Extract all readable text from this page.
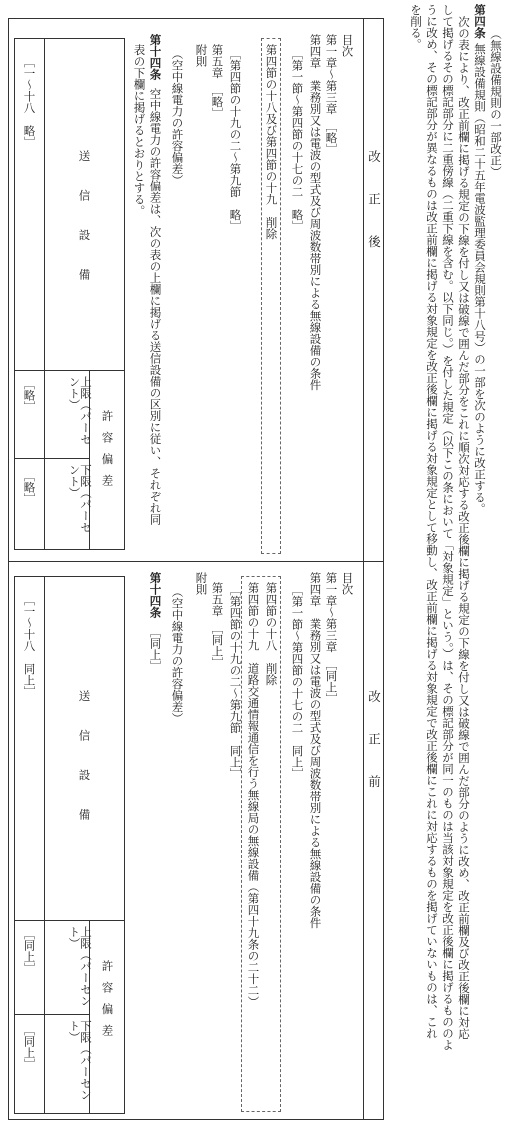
（無線設備規則の一部改正）
第四条無線設備規則（昭和二十五年電波監理委員会規則第十八号）の一部を次のように改正する。
次の表により、改正前欄に掲げる規定の下線を付し又は破線で囲んだ部分をこれに順次対応する改正後欄に掲げる規定の下線を付し又は破線で囲んだ部分のように改め、改正前欄及び改正後欄に対応
して掲げるその標記部分に二重傍線（二重下線を含む。以下同じ。）を付した規定（以下この条において「対象規定」という。）は、その標記部分が同一のものは当該対象規定を改正後欄に掲げるもののよ
うに改め、その標記部分が異なるものは改正前欄に掲げる対象規定を改正後欄に掲げる対象規定として移動し、改正前欄に掲げる対象規定で改正後欄にこれに対応するものを掲げていないものは、これ
を削る。
改正後
目次
第一章～第三章　［略］
第四章　業務別又は電波の型式及び周波数帯別による無線設備の条件
［第一節～第四節の十七の二　略］
第四節の十八及び第四節の十九　削除
［第四節の十九の二～第九節　略］
第五章　［略］
附則
（空中線電力の許容偏差）
第十四条空中線電力の許容偏差は、次の表の上欄に掲げる送信設備の区別に従い、それぞれ同
表の下欄に掲げるとおりとする。
送信設備
［一～十八　略］
許容偏差
上限（パーセント）
下限（パーセント）
［略］
［略］
改正前
目次
第一章～第三章　［同上］
第四章　業務別又は電波の型式及び周波数帯別による無線設備の条件
［第一節～第四節の十七の二　同上］
第四節の十八　削除
第四節の十九　道路交通情報通信を行う無線局の無線設備（第四十九条の二十二）
［第四節の十九の二～第九節　同上］
第五章　［同上］
附則
（空中線電力の許容偏差）
第十四条［同上］
送信設備
［一～十八　同上］
許容偏差
上限（パーセント）
下限（パーセント）
［同上］
［同上］
